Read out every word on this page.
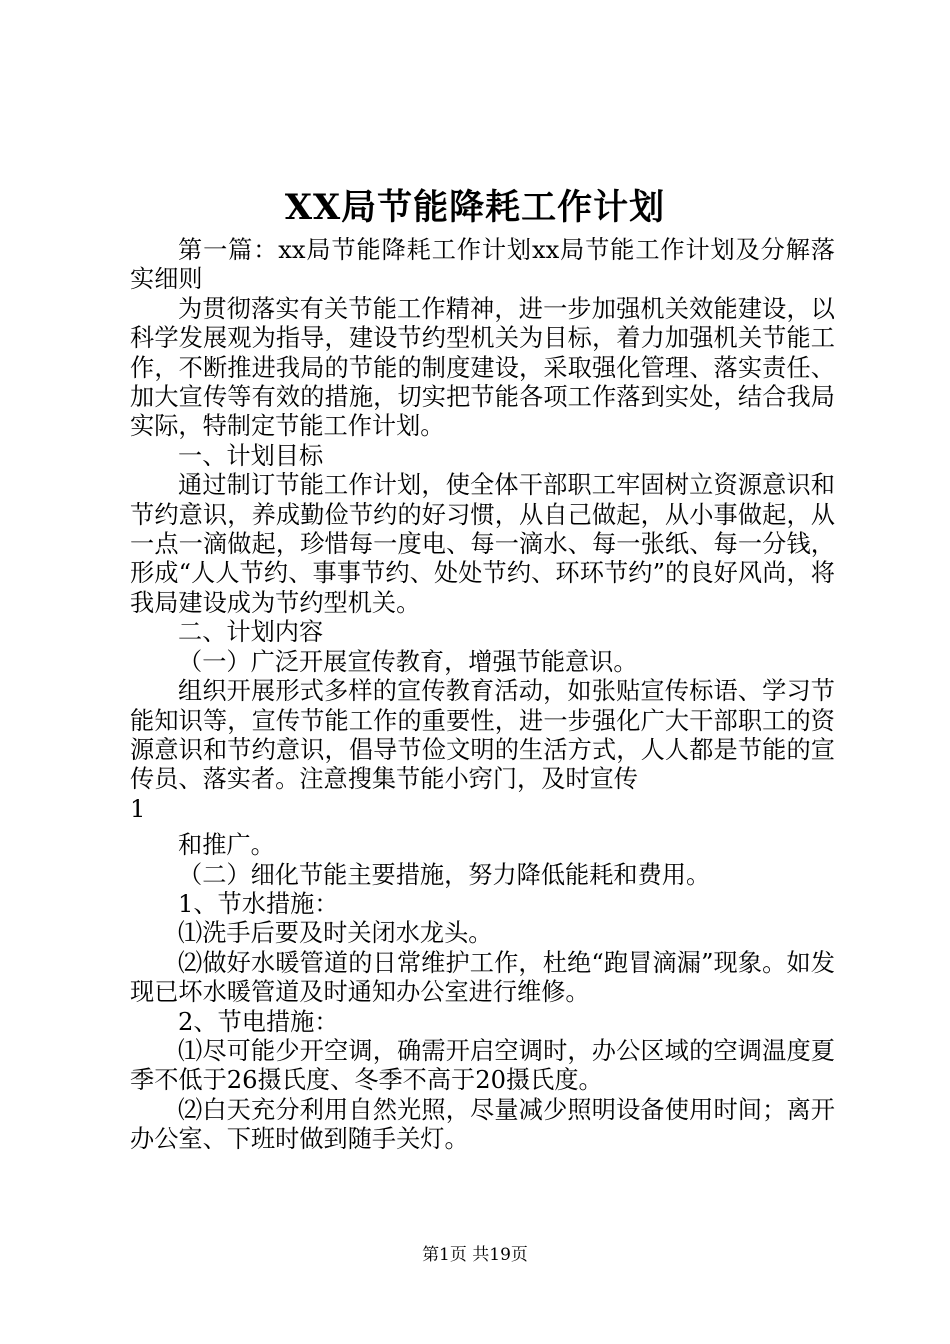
XX局节能降耗工作计划

第一篇：xx局节能降耗工作计划xx局节能工作计划及分解落实细则

为贯彻落实有关节能工作精神，进一步加强机关效能建设，以科学发展观为指导，建设节约型机关为目标，着力加强机关节能工作，不断推进我局的节能的制度建设，采取强化管理、落实责任、加大宣传等有效的措施，切实把节能各项工作落到实处，结合我局实际，特制定节能工作计划。

一、计划目标

通过制订节能工作计划，使全体干部职工牢固树立资源意识和节约意识，养成勤俭节约的好习惯，从自己做起，从小事做起，从一点一滴做起，珍惜每一度电、每一滴水、每一张纸、每一分钱，形成“人人节约、事事节约、处处节约、环环节约”的良好风尚，将我局建设成为节约型机关。

二、计划内容

（一）广泛开展宣传教育，增强节能意识。

组织开展形式多样的宣传教育活动，如张贴宣传标语、学习节能知识等，宣传节能工作的重要性，进一步强化广大干部职工的资源意识和节约意识，倡导节俭文明的生活方式，人人都是节能的宣传员、落实者。注意搜集节能小窍门，及时宣传

1

和推广。

（二）细化节能主要措施，努力降低能耗和费用。

1、节水措施：

⑴洗手后要及时关闭水龙头。

⑵做好水暖管道的日常维护工作，杜绝“跑冒滴漏”现象。如发现已坏水暖管道及时通知办公室进行维修。

2、节电措施：

⑴尽可能少开空调，确需开启空调时，办公区域的空调温度夏季不低于26摄氏度、冬季不高于20摄氏度。

⑵白天充分利用自然光照，尽量减少照明设备使用时间；离开办公室、下班时做到随手关灯。

第1页 共19页
